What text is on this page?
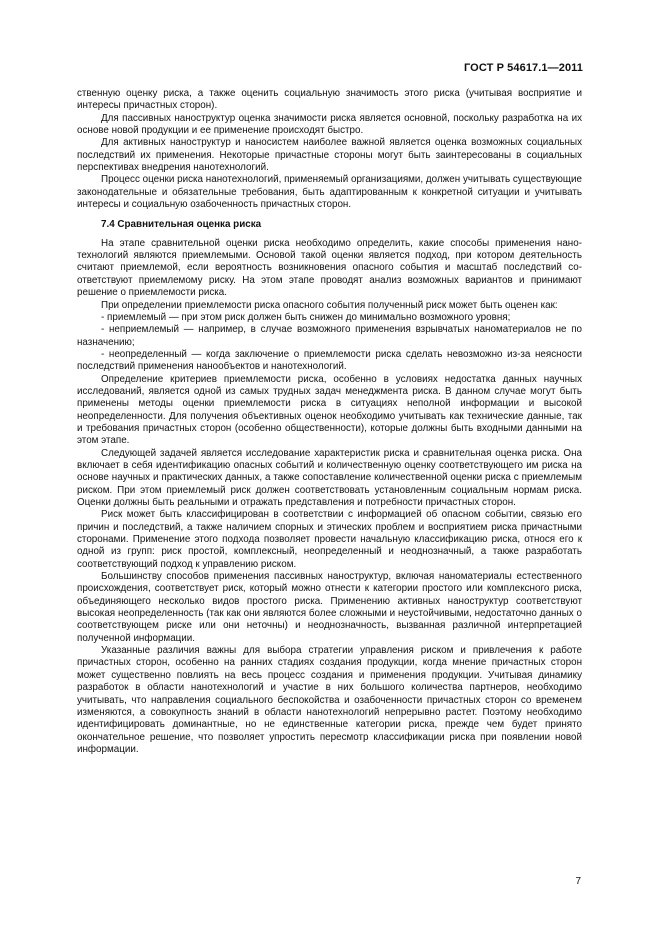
ГОСТ Р 54617.1—2011

ственную оценку риска, а также оценить социальную значимость этого риска (учитывая восприятие и интересы причастных сторон).

Для пассивных наноструктур оценка значимости риска является основной, поскольку разработка на их основе новой продукции и ее применение происходят быстро.

Для активных наноструктур и наносистем наиболее важной является оценка возможных социальных последствий их применения. Некоторые причастные стороны могут быть заинтересованы в социальных перспективах внедрения нанотехнологий.

Процесс оценки риска нанотехнологий, применяемый организациями, должен учитывать существующие законодательные и обязательные требования, быть адаптированным к конкретной ситуации и учитывать интересы и социальную озабоченность причастных сторон.

7.4 Сравнительная оценка риска

На этапе сравнительной оценки риска необходимо определить, какие способы применения нанотехнологий являются приемлемыми. Основой такой оценки является подход, при котором деятельность считают приемлемой, если вероятность возникновения опасного события и масштаб последствий соответствуют приемлемому риску. На этом этапе проводят анализ возможных вариантов и принимают решение о приемлемости риска.

При определении приемлемости риска опасного события полученный риск может быть оценен как:

- приемлемый — при этом риск должен быть снижен до минимально возможного уровня;

- неприемлемый — например, в случае возможного применения взрывчатых наноматериалов не по назначению;

- неопределенный — когда заключение о приемлемости риска сделать невозможно из-за неясности последствий применения нанообъектов и нанотехнологий.

Определение критериев приемлемости риска, особенно в условиях недостатка данных научных исследований, является одной из самых трудных задач менеджмента риска. В данном случае могут быть применены методы оценки приемлемости риска в ситуациях неполной информации и высокой неопределенности. Для получения объективных оценок необходимо учитывать как технические данные, так и требования причастных сторон (особенно общественности), которые должны быть входными данными на этом этапе.

Следующей задачей является исследование характеристик риска и сравнительная оценка риска. Она включает в себя идентификацию опасных событий и количественную оценку соответствующего им риска на основе научных и практических данных, а также сопоставление количественной оценки риска с приемлемым риском. При этом приемлемый риск должен соответствовать установленным социальным нормам риска. Оценки должны быть реальными и отражать представления и потребности причастных сторон.

Риск может быть классифицирован в соответствии с информацией об опасном событии, связью его причин и последствий, а также наличием спорных и этических проблем и восприятием риска причастными сторонами. Применение этого подхода позволяет провести начальную классификацию риска, относя его к одной из групп: риск простой, комплексный, неопределенный и неоднозначный, а также разработать соответствующий подход к управлению риском.

Большинству способов применения пассивных наноструктур, включая наноматериалы естественного происхождения, соответствует риск, который можно отнести к категории простого или комплексного риска, объединяющего несколько видов простого риска. Применению активных наноструктур соответствуют высокая неопределенность (так как они являются более сложными и неустойчивыми, недостаточно данных о соответствующем риске или они неточны) и неоднозначность, вызванная различной интерпретацией полученной информации.

Указанные различия важны для выбора стратегии управления риском и привлечения к работе причастных сторон, особенно на ранних стадиях создания продукции, когда мнение причастных сторон может существенно повлиять на весь процесс создания и применения продукции. Учитывая динамику разработок в области нанотехнологий и участие в них большого количества партнеров, необходимо учитывать, что направления социального беспокойства и озабоченности причастных сторон со временем изменяются, а совокупность знаний в области нанотехнологий непрерывно растет. Поэтому необходимо идентифицировать доминантные, но не единственные категории риска, прежде чем будет принято окончательное решение, что позволяет упростить пересмотр классификации риска при появлении новой информации.

7
